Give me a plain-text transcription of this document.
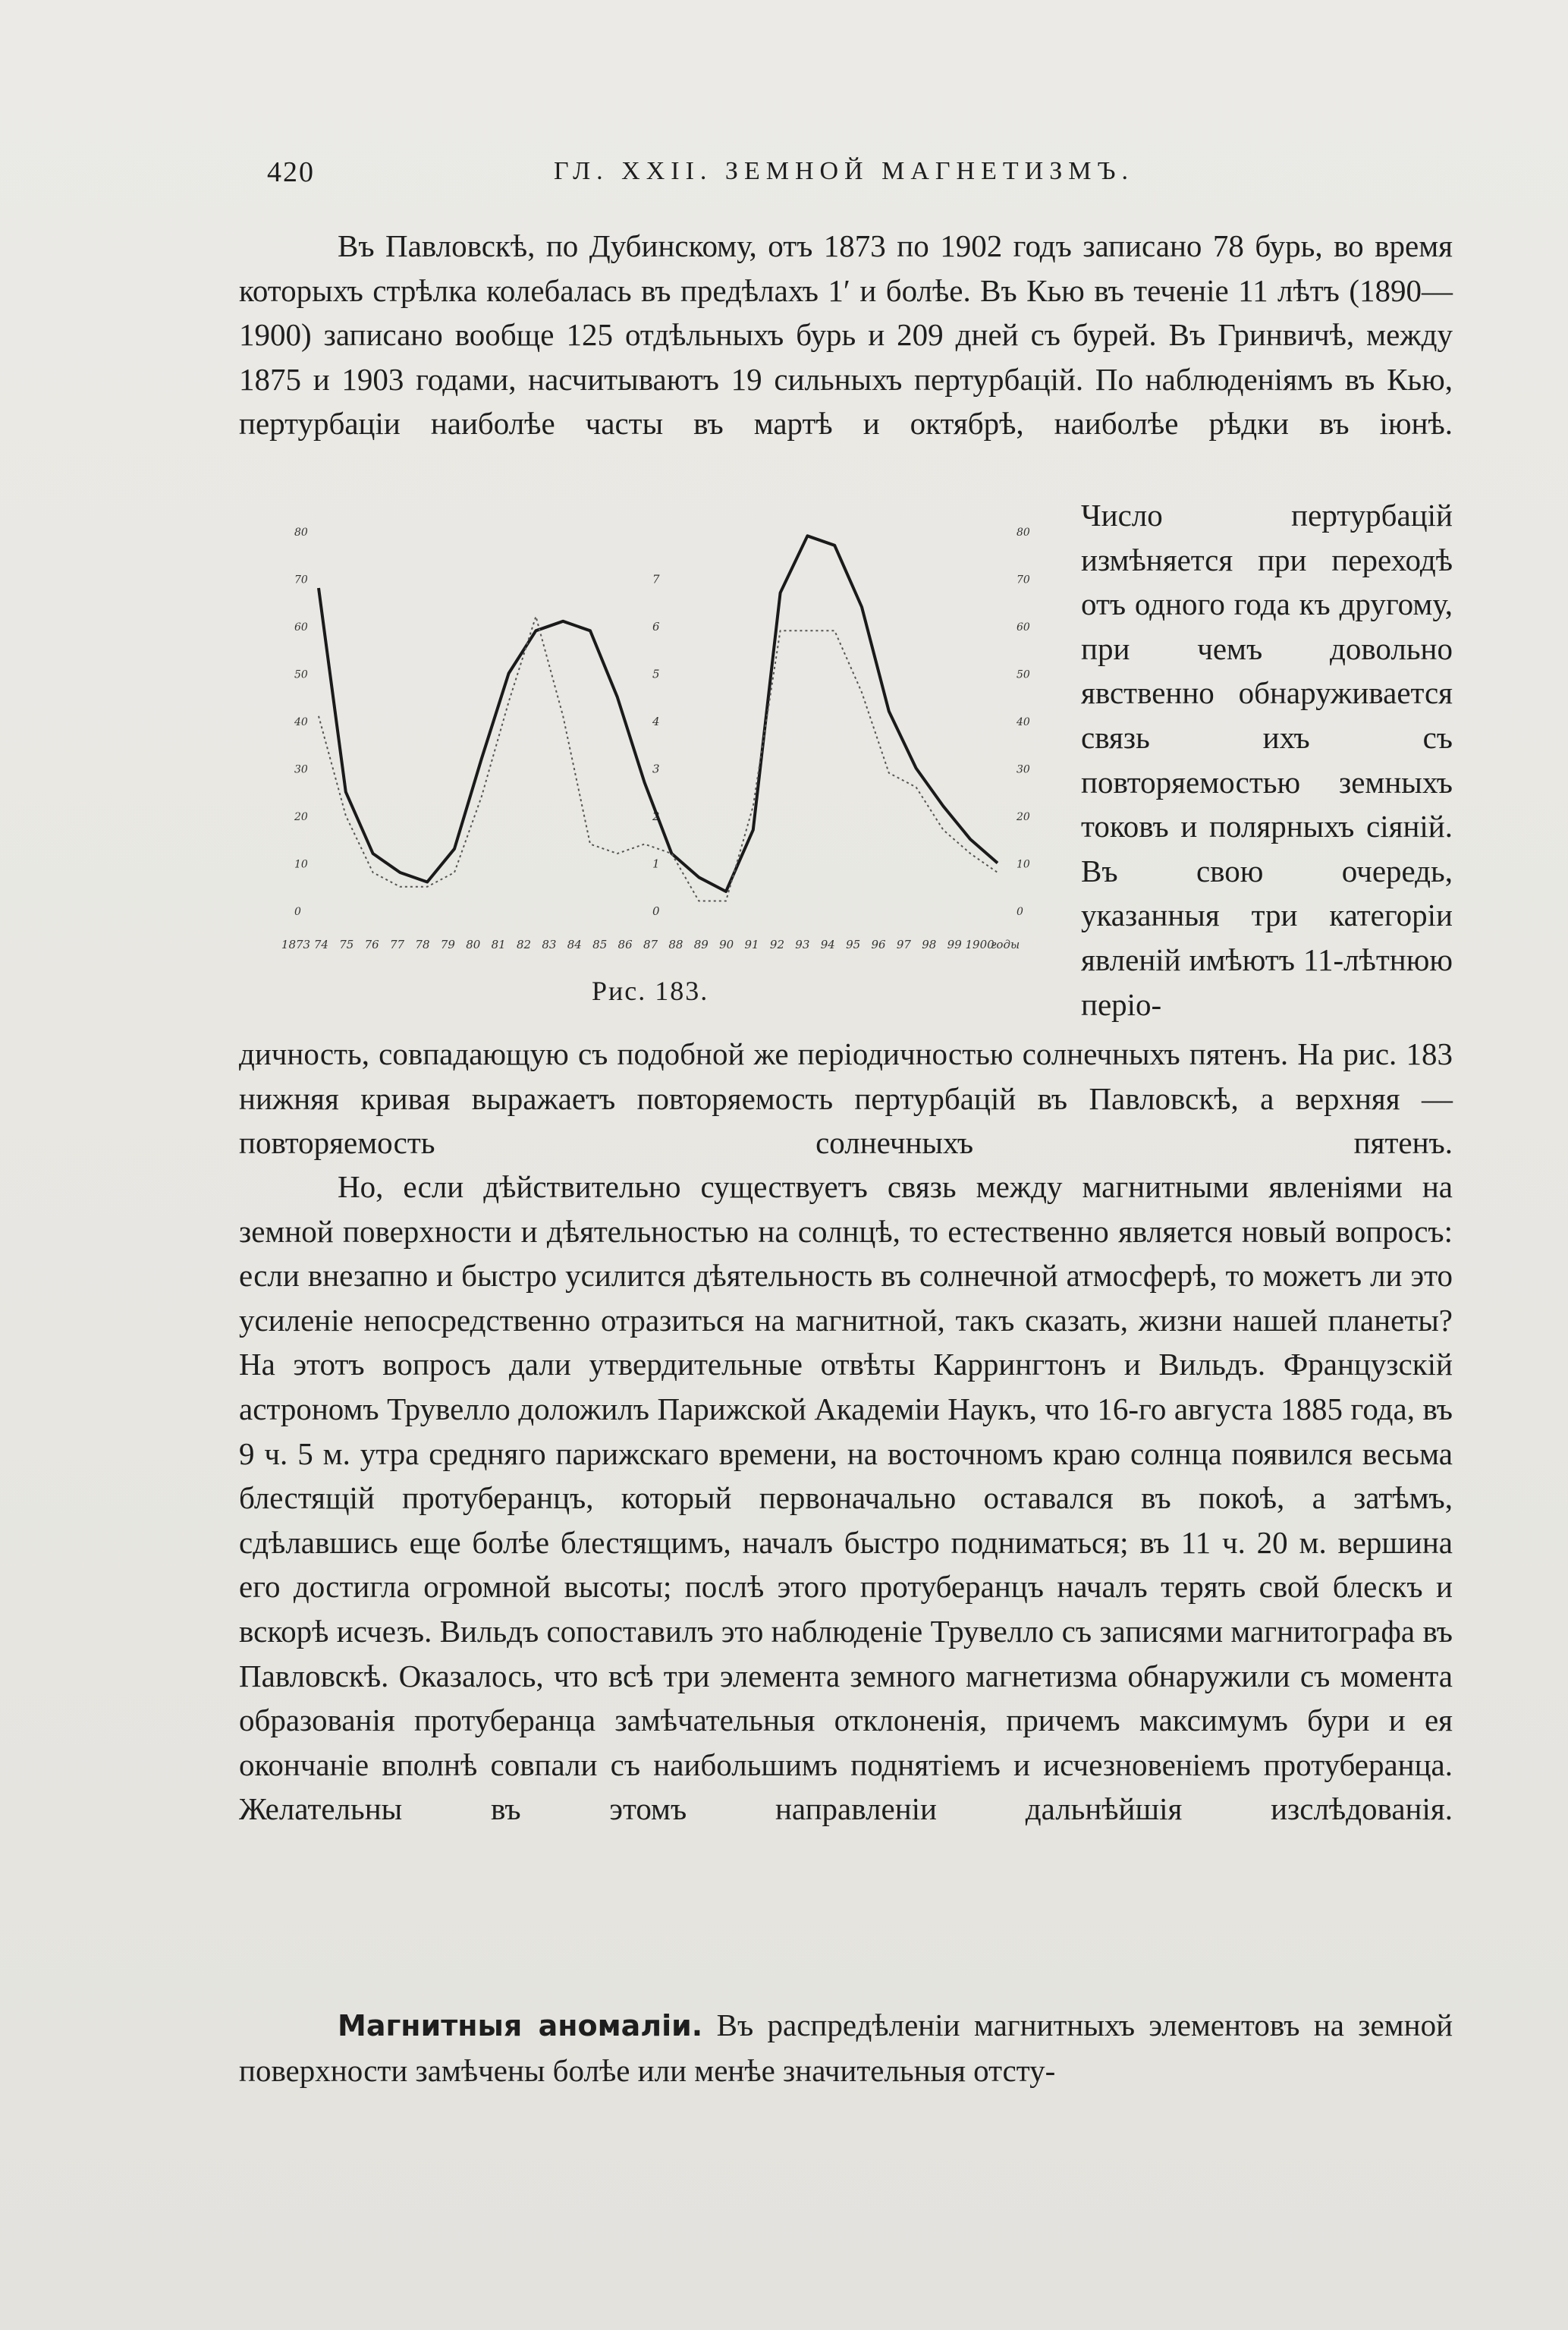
420	ГЛ. XXII. ЗЕМНОЙ МАГНЕТИЗМЪ.

Въ Павловскѣ, по Дубинскому, отъ 1873 по 1902 годъ записано 78 бурь, во время которыхъ стрѣлка колебалась въ предѣлахъ 1′ и болѣе. Въ Кью въ теченіе 11 лѣтъ (1890—1900) записано вообще 125 отдѣльныхъ бурь и 209 дней съ бурей. Въ Гринвичѣ, между 1875 и 1903 годами, насчитываютъ 19 сильныхъ пертурбацій. По наблюденіямъ въ Кью, пертурбаціи наиболѣе часты въ мартѣ и октябрѣ, наиболѣе рѣдки въ іюнѣ.

0
10
20
30
40
50
60
70
80
0
10
20
30
40
50
60
70
80
0
1
2
3
4
5
6
7
1873 74 75 76 77 78 79 80 81 82 83 84 85 86 87 88 89 90 91 92 93 94 95 96 97 98 99 1900
годы
Рис. 183.

Число пертурбацій измѣняется при переходѣ отъ одного года къ другому, при чемъ довольно явственно обнаруживается связь ихъ съ повторяемостью земныхъ токовъ и полярныхъ сіяній. Въ свою очередь, указанныя три категоріи явленій имѣютъ 11-лѣтнюю періо-

дичность, совпадающую съ подобной же періодичностью солнечныхъ пятенъ. На рис. 183 нижняя кривая выражаетъ повторяемость пертурбацій въ Павловскѣ, а верхняя — повторяемость солнечныхъ пятенъ.

Но, если дѣйствительно существуетъ связь между магнитными явленіями на земной поверхности и дѣятельностью на солнцѣ, то естественно является новый вопросъ: если внезапно и быстро усилится дѣятельность въ солнечной атмосферѣ, то можетъ ли это усиленіе непосредственно отразиться на магнитной, такъ сказать, жизни нашей планеты? На этотъ вопросъ дали утвердительные отвѣты Каррингтонъ и Вильдъ. Французскій астрономъ Трувелло доложилъ Парижской Академіи Наукъ, что 16-го августа 1885 года, въ 9 ч. 5 м. утра средняго парижскаго времени, на восточномъ краю солнца появился весьма блестящій протуберанцъ, который первоначально оставался въ покоѣ, а затѣмъ, сдѣлавшись еще болѣе блестящимъ, началъ быстро подниматься; въ 11 ч. 20 м. вершина его достигла огромной высоты; послѣ этого протуберанцъ началъ терять свой блескъ и вскорѣ исчезъ. Вильдъ сопоставилъ это наблюденіе Трувелло съ записями магнитографа въ Павловскѣ. Оказалось, что всѣ три элемента земного магнетизма обнаружили съ момента образованія протуберанца замѣчательныя отклоненія, причемъ максимумъ бури и ея окончаніе вполнѣ совпали съ наибольшимъ поднятіемъ и исчезновеніемъ протуберанца. Желательны въ этомъ направленіи дальнѣйшія изслѣдованія.

Магнитныя аномаліи. Въ распредѣленіи магнитныхъ элементовъ на земной поверхности замѣчены болѣе или менѣе значительныя отсту-
